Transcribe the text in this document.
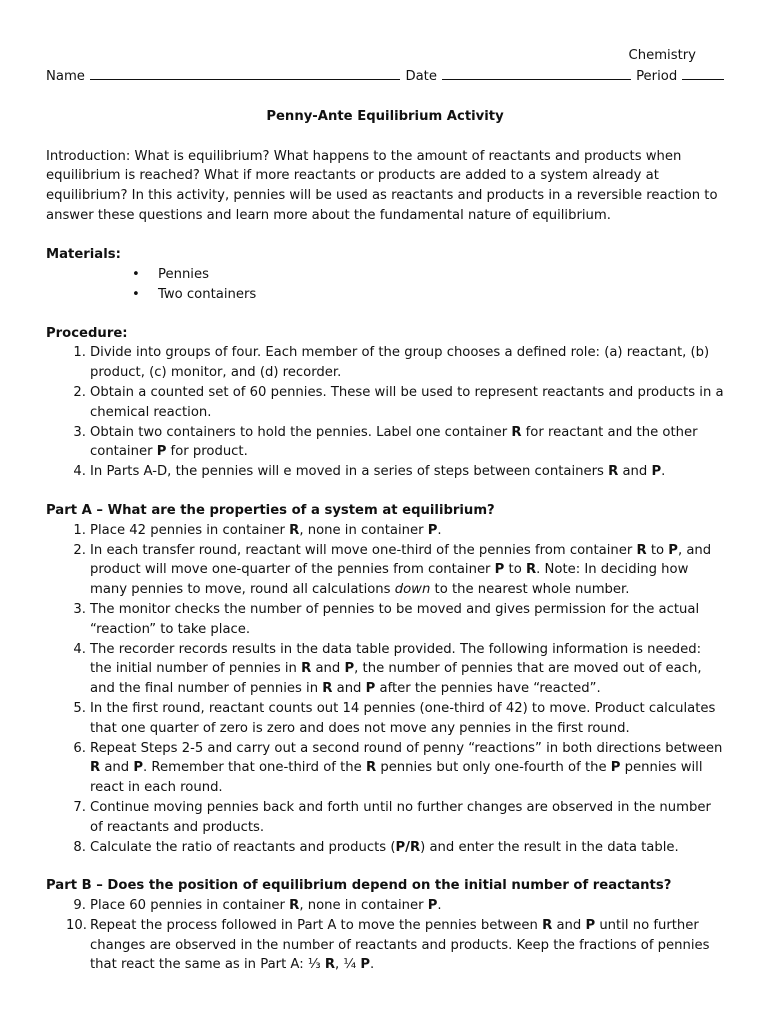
Chemistry
Name	Date	Period
Penny-Ante Equilibrium Activity
Introduction: What is equilibrium? What happens to the amount of reactants and products when equilibrium is reached? What if more reactants or products are added to a system already at equilibrium? In this activity, pennies will be used as reactants and products in a reversible reaction to answer these questions and learn more about the fundamental nature of equilibrium.
Materials:
• Pennies
• Two containers
Procedure:
1. Divide into groups of four. Each member of the group chooses a defined role: (a) reactant, (b) product, (c) monitor, and (d) recorder.
2. Obtain a counted set of 60 pennies. These will be used to represent reactants and products in a chemical reaction.
3. Obtain two containers to hold the pennies. Label one container R for reactant and the other container P for product.
4. In Parts A-D, the pennies will e moved in a series of steps between containers R and P.
Part A – What are the properties of a system at equilibrium?
1. Place 42 pennies in container R, none in container P.
2. In each transfer round, reactant will move one-third of the pennies from container R to P, and product will move one-quarter of the pennies from container P to R. Note: In deciding how many pennies to move, round all calculations down to the nearest whole number.
3. The monitor checks the number of pennies to be moved and gives permission for the actual “reaction” to take place.
4. The recorder records results in the data table provided. The following information is needed: the initial number of pennies in R and P, the number of pennies that are moved out of each, and the final number of pennies in R and P after the pennies have “reacted”.
5. In the first round, reactant counts out 14 pennies (one-third of 42) to move. Product calculates that one quarter of zero is zero and does not move any pennies in the first round.
6. Repeat Steps 2-5 and carry out a second round of penny “reactions” in both directions between R and P. Remember that one-third of the R pennies but only one-fourth of the P pennies will react in each round.
7. Continue moving pennies back and forth until no further changes are observed in the number of reactants and products.
8. Calculate the ratio of reactants and products (P/R) and enter the result in the data table.
Part B – Does the position of equilibrium depend on the initial number of reactants?
9. Place 60 pennies in container R, none in container P.
10. Repeat the process followed in Part A to move the pennies between R and P until no further changes are observed in the number of reactants and products. Keep the fractions of pennies that react the same as in Part A: ⅓ R, ¼ P.
